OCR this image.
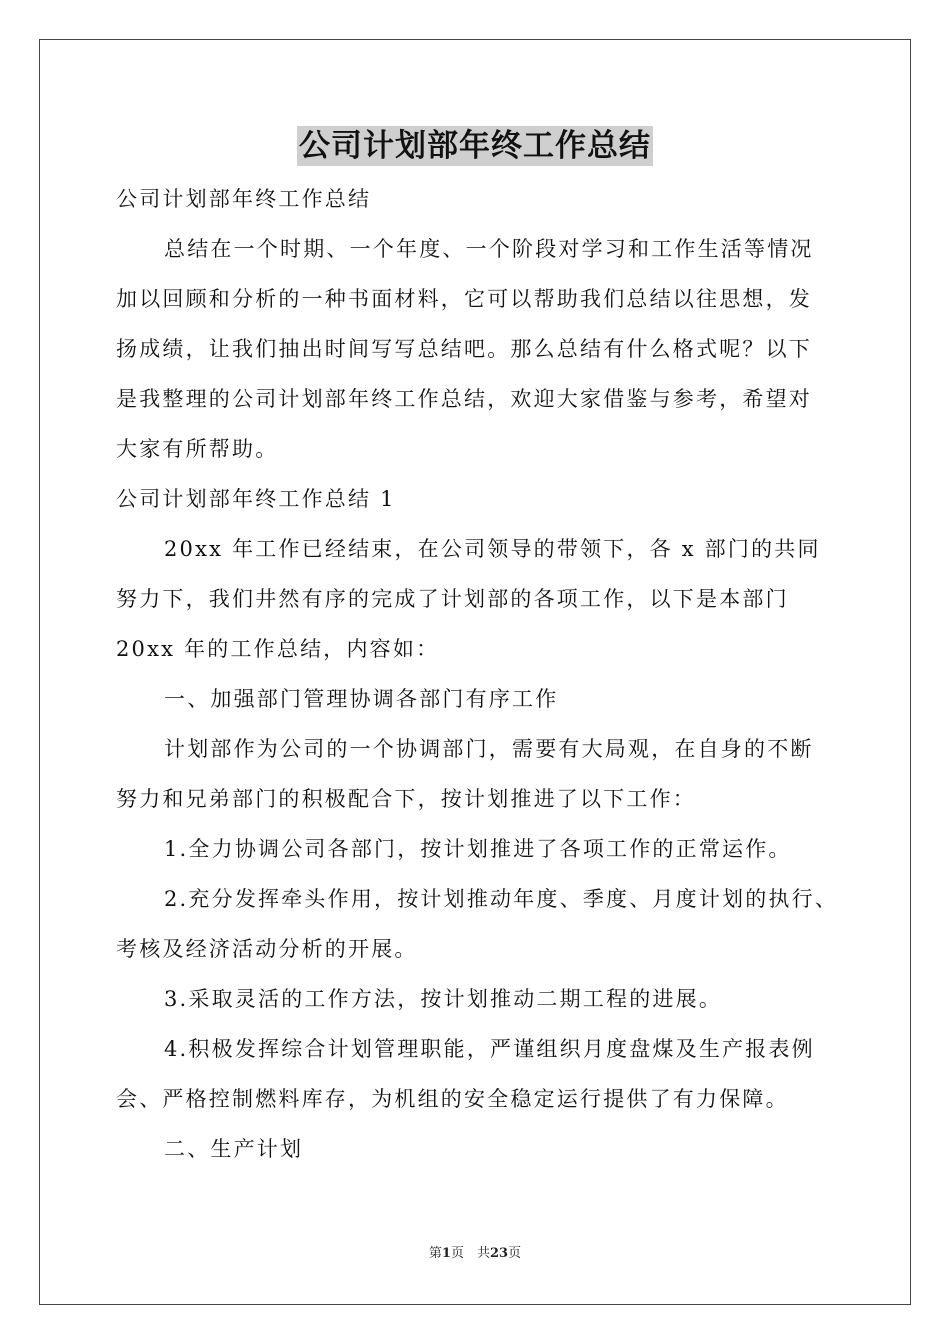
公司计划部年终工作总结
公司计划部年终工作总结
总结在一个时期、一个年度、一个阶段对学习和工作生活等情况
加以回顾和分析的一种书面材料，它可以帮助我们总结以往思想，发
扬成绩，让我们抽出时间写写总结吧。那么总结有什么格式呢？以下
是我整理的公司计划部年终工作总结，欢迎大家借鉴与参考，希望对
大家有所帮助。
公司计划部年终工作总结 1
20xx 年工作已经结束，在公司领导的带领下，各 x 部门的共同
努力下，我们井然有序的完成了计划部的各项工作，以下是本部门
20xx 年的工作总结，内容如：
一、加强部门管理协调各部门有序工作
计划部作为公司的一个协调部门，需要有大局观，在自身的不断
努力和兄弟部门的积极配合下，按计划推进了以下工作：
1.全力协调公司各部门，按计划推进了各项工作的正常运作。
2.充分发挥牵头作用，按计划推动年度、季度、月度计划的执行、
考核及经济活动分析的开展。
3.采取灵活的工作方法，按计划推动二期工程的进展。
4.积极发挥综合计划管理职能，严谨组织月度盘煤及生产报表例
会、严格控制燃料库存，为机组的安全稳定运行提供了有力保障。
二、生产计划
第1页　共23页
